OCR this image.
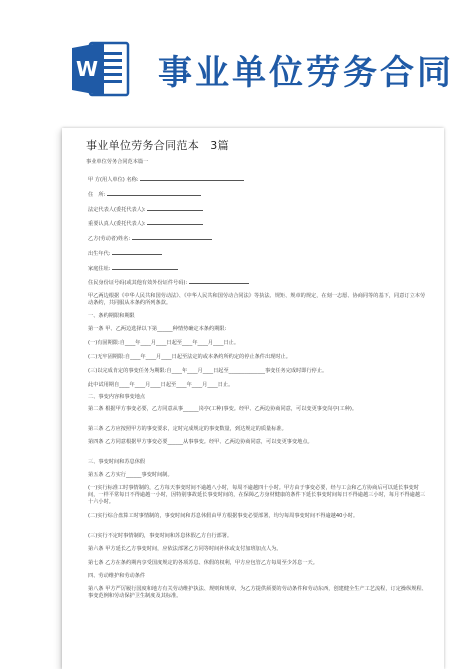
W 事业单位劳务合同
事业单位劳务合同范本　3篇
事业单位劳务合同范本篇一
甲 方(用人单位) 名称:
住　所:
法定代表人(委托代表人):
重要认真人(委托代表人):
乙方(劳动者)姓名:
出生年代:
家庭住址:
住民身份证号码(或其他有效外份证件号码):
甲乙两边根据《中华人民共和国劳动法》、《中华人民共和国劳动合同法》等执法、规矩、规章的规定，在刻一志愿、协商同等的基下，同意订立本劳动条约，共同服从本条约所列条款。
一、条约期限和期限
第一条 甲、乙两边选择以下第______种情势确定本条约期限:
(一)有固期限:自____年____月____日起至____年____月____日止。
(二)无牢固期限:自____年____月____日起至法定的或本条约所约定的停止条件出现时止。
(三)以完成肯定的事变任务为期限:自____年____月____日起至______________事变任务完成时即行停止。
此中试用期自____年____月____日起至____年____月____日止。
二、事变内容和事变地点
第二条 根据甲方事变必要，乙方同意从事______岗亭(工种)事变。经甲、乙两边协商同意，可以变更事变岗亭(工种)。
第三条 乙方应按照甲方的事变要求，定时完成规定的事变数量，到达规定的质量标准。
第四条 乙方同意根据甲方事变必要______从事事变。经甲、乙两边协商同意，可以变更事变地点。
三、事变时间和苏息休假
第五条 乙方实行______事变时间制。
(一)实行标准工时事情制的，乙方每天事变时间不逾越八小时，每周不逾越四十小时。甲方由于事变必要，经与工会和乙方协商后可以延长事变时间，一样平常每日不得逾越一小时，因特别事故延长事变时间的，在保障乙方身材健康的条件下延长事变时间每日不得逾越三小时，每月不得逾越三十六小时。
(二)实行综合盘算工时事情制的，事变时间和苏息休假由甲方根据事变必要部署，均匀每周事变时间不得逾越40小时。
(三)实行不定时事情制的，事变时间和苏息休假乙方自行部署。
第六条 甲方延长乙方事变时间，应依法部署乙方同等时间补休或支付加班加点人为。
第七条 乙方在条约期内享受国度规定的各项苏息、休假的权利，甲方应包管乙方每周至少苏息一天。
四、劳动维护和劳动条件
第八条 甲方严厉履行国度和地方有关劳动维护执法、规则和规章，为乙方提供须要的劳动条件和劳动东西，创建健全生产工艺流程，订定操纵规程、事变范例和劳动保护卫生制度及其标准。
